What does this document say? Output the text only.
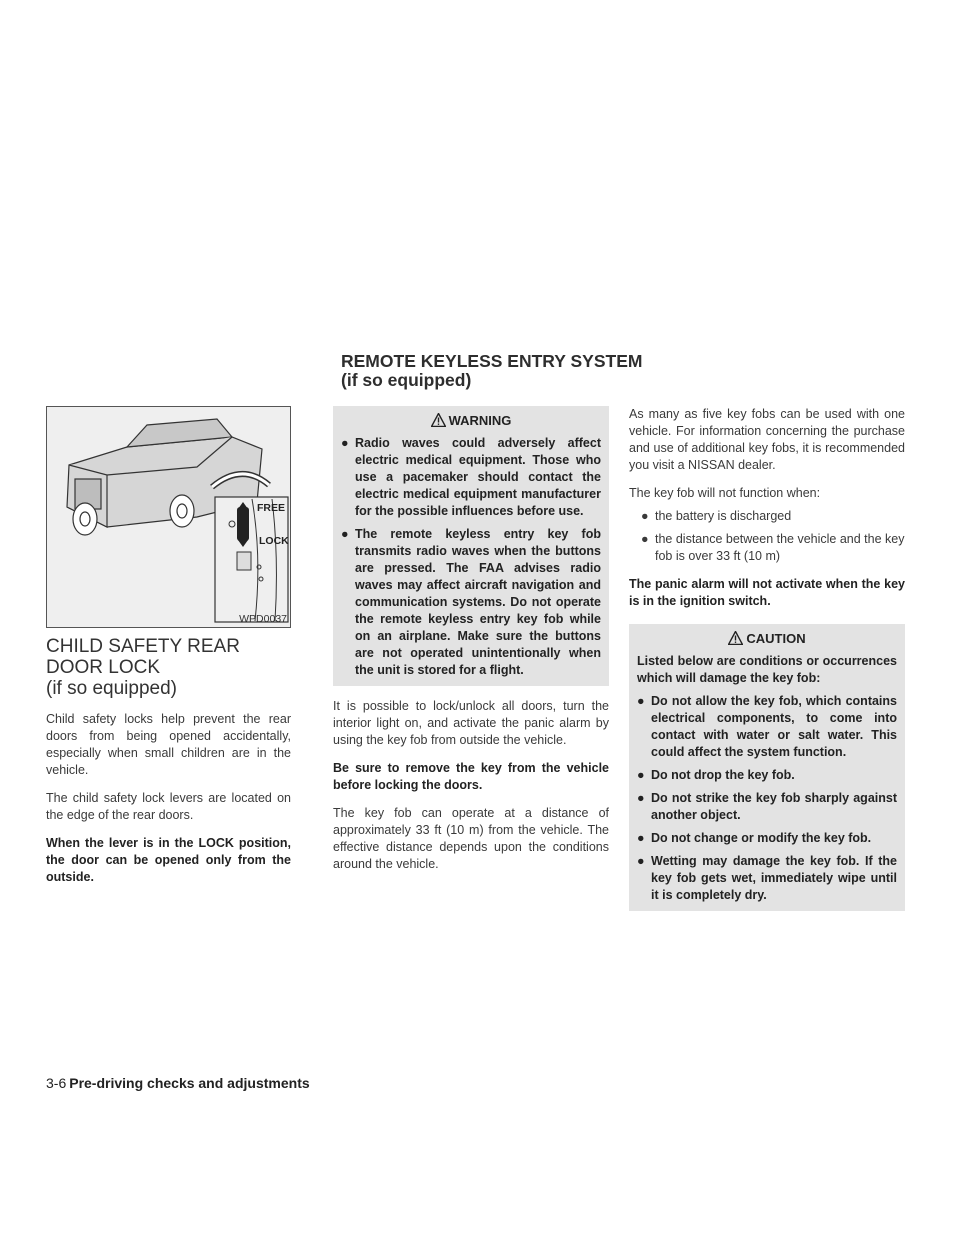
REMOTE KEYLESS ENTRY SYSTEM
(if so equipped)
FREE
LOCK
WPD0037
CHILD SAFETY REAR DOOR LOCK
(if so equipped)

Child safety locks help prevent the rear doors from being opened accidentally, especially when small children are in the vehicle.

The child safety lock levers are located on the edge of the rear doors.

When the lever is in the LOCK position, the door can be opened only from the outside.

WARNING
● Radio waves could adversely affect electric medical equipment. Those who use a pacemaker should contact the electric medical equipment manufacturer for the possible influences before use.
● The remote keyless entry key fob transmits radio waves when the buttons are pressed. The FAA advises radio waves may affect aircraft navigation and communication systems. Do not operate the remote keyless entry key fob while on an airplane. Make sure the buttons are not operated unintentionally when the unit is stored for a flight.

It is possible to lock/unlock all doors, turn the interior light on, and activate the panic alarm by using the key fob from outside the vehicle.

Be sure to remove the key from the vehicle before locking the doors.

The key fob can operate at a distance of approximately 33 ft (10 m) from the vehicle. The effective distance depends upon the conditions around the vehicle.

As many as five key fobs can be used with one vehicle. For information concerning the purchase and use of additional key fobs, it is recommended you visit a NISSAN dealer.

The key fob will not function when:

● the battery is discharged
● the distance between the vehicle and the key fob is over 33 ft (10 m)

The panic alarm will not activate when the key is in the ignition switch.

CAUTION
Listed below are conditions or occurrences which will damage the key fob:
● Do not allow the key fob, which contains electrical components, to come into contact with water or salt water. This could affect the system function.
● Do not drop the key fob.
● Do not strike the key fob sharply against another object.
● Do not change or modify the key fob.
● Wetting may damage the key fob. If the key fob gets wet, immediately wipe until it is completely dry.
3-6 Pre-driving checks and adjustments
